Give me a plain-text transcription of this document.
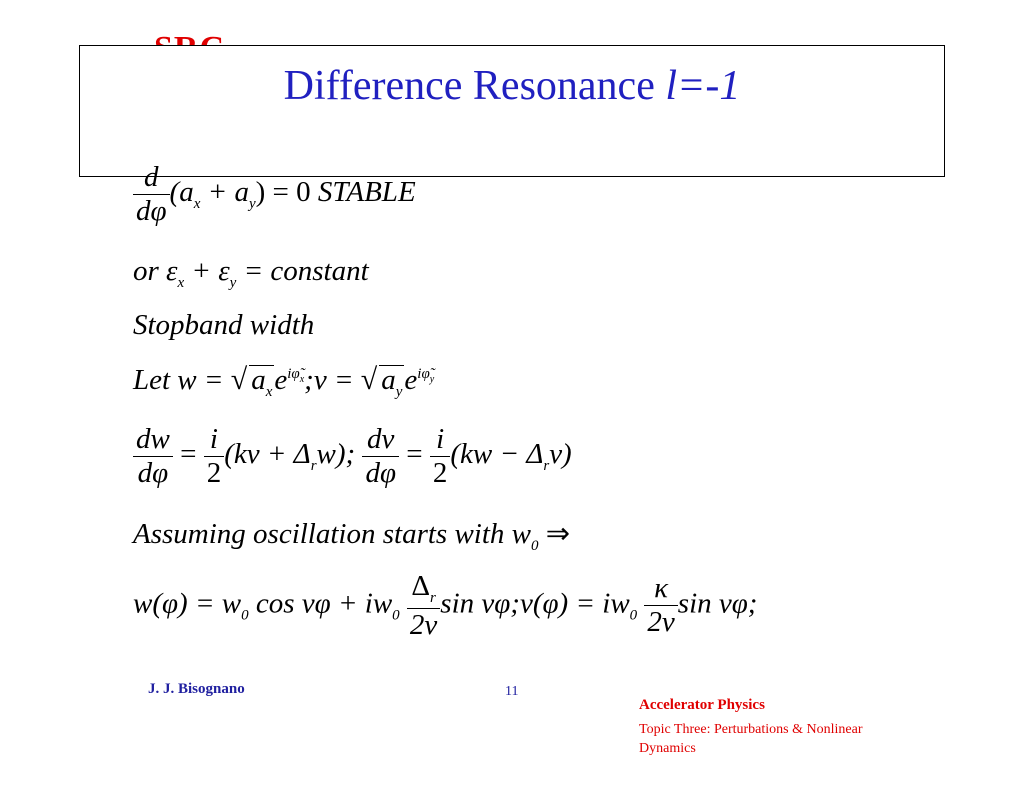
Difference Resonance l=-1
$\frac{d}{d\varphi} (a_x + a_y) = 0$ STABLE
or $\varepsilon_x + \varepsilon_y$ = constant
Stopband width
Let w = √ $a_xe^{i\varphĩ_x};v$ = √ $a_ye^{i\varphĩ_y}$
$\frac{dw}{d\varphi} = \frac{i}{2} (kv + \Delta_rw)$; $\frac{dv}{d\varphi} = \frac{i}{2} (kw - \Delta_rv)$
Assuming oscillation starts with $w_0$ ⇒
$w(\varphi) = w_0$ $\cos \nu\varphi + iw_0 \frac{\Delta_r}{2\nu}$ sin νφ;v(φ) = $iw_0 \frac{\kappa}{2\nu}$ sin νφ;
J. J. Bisognano	11
Accelerator Physics
Topic Three: Perturbations & Nonlinear Dynamics
